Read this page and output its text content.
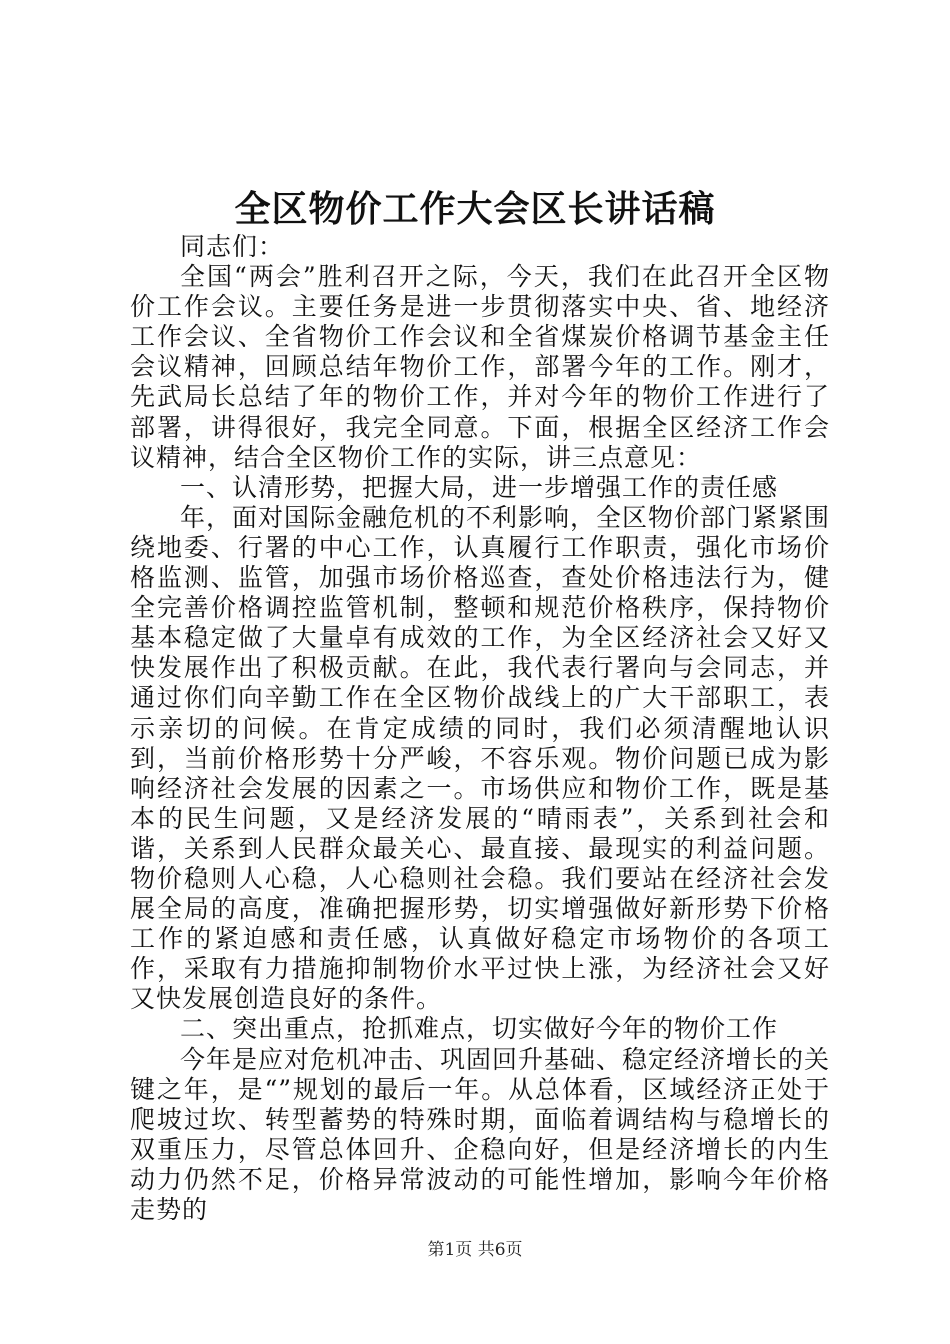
全区物价工作大会区长讲话稿

同志们：

全国“两会”胜利召开之际，今天，我们在此召开全区物价工作会议。主要任务是进一步贯彻落实中央、省、地经济工作会议、全省物价工作会议和全省煤炭价格调节基金主任会议精神，回顾总结年物价工作，部署今年的工作。刚才，先武局长总结了年的物价工作，并对今年的物价工作进行了部署，讲得很好，我完全同意。下面，根据全区经济工作会议精神，结合全区物价工作的实际，讲三点意见：

一、认清形势，把握大局，进一步增强工作的责任感

年，面对国际金融危机的不利影响，全区物价部门紧紧围绕地委、行署的中心工作，认真履行工作职责，强化市场价格监测、监管，加强市场价格巡查，查处价格违法行为，健全完善价格调控监管机制，整顿和规范价格秩序，保持物价基本稳定做了大量卓有成效的工作，为全区经济社会又好又快发展作出了积极贡献。在此，我代表行署向与会同志，并通过你们向辛勤工作在全区物价战线上的广大干部职工，表示亲切的问候。在肯定成绩的同时，我们必须清醒地认识到，当前价格形势十分严峻，不容乐观。物价问题已成为影响经济社会发展的因素之一。市场供应和物价工作，既是基本的民生问题，又是经济发展的“晴雨表”，关系到社会和谐，关系到人民群众最关心、最直接、最现实的利益问题。物价稳则人心稳，人心稳则社会稳。我们要站在经济社会发展全局的高度，准确把握形势，切实增强做好新形势下价格工作的紧迫感和责任感，认真做好稳定市场物价的各项工作，采取有力措施抑制物价水平过快上涨，为经济社会又好又快发展创造良好的条件。

二、突出重点，抢抓难点，切实做好今年的物价工作

今年是应对危机冲击、巩固回升基础、稳定经济增长的关键之年，是“”规划的最后一年。从总体看，区域经济正处于爬坡过坎、转型蓄势的特殊时期，面临着调结构与稳增长的双重压力，尽管总体回升、企稳向好，但是经济增长的内生动力仍然不足，价格异常波动的可能性增加，影响今年价格走势的

第1页 共6页
